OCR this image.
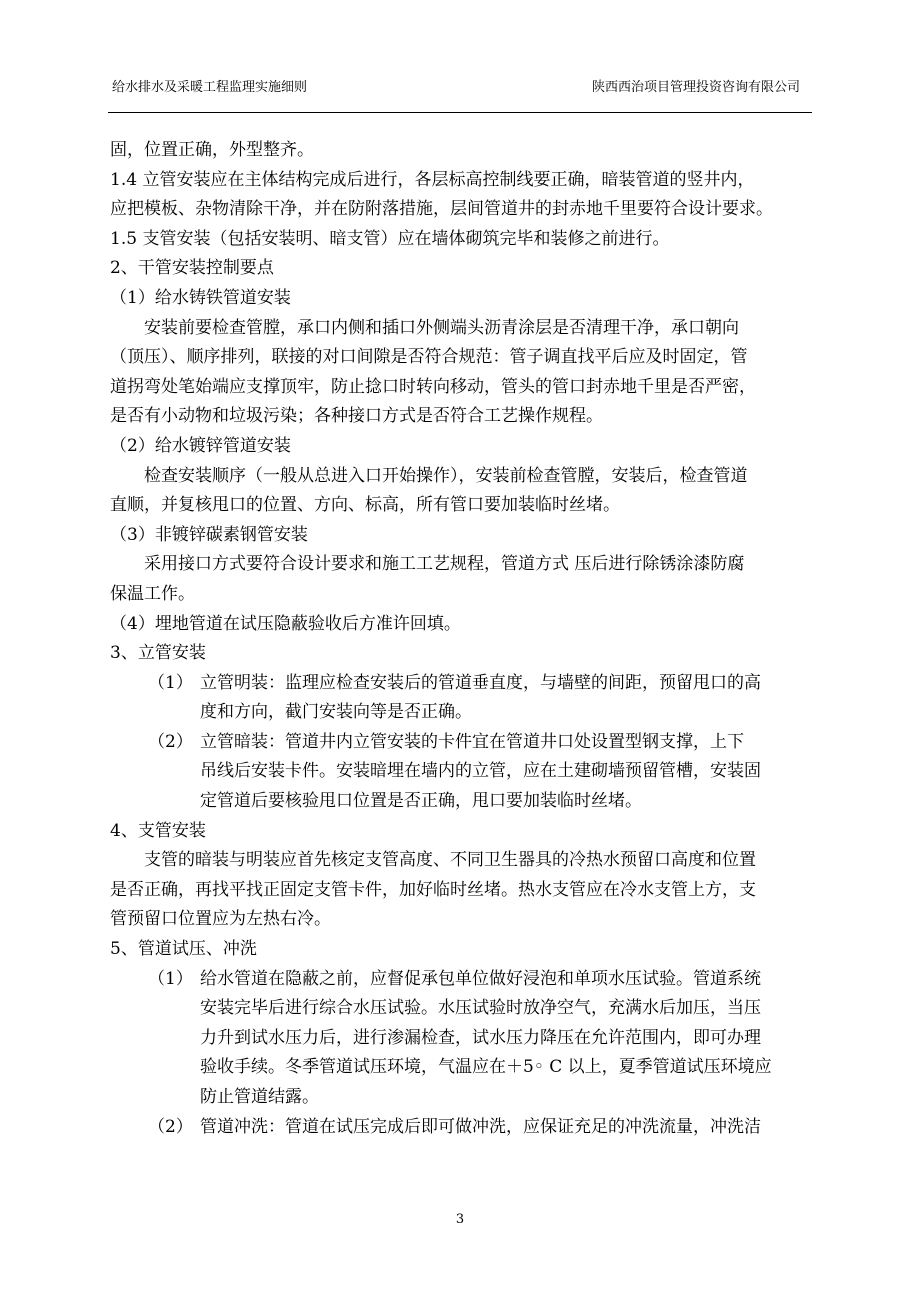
给水排水及采暖工程监理实施细则	陕西西治项目管理投资咨询有限公司
固，位置正确，外型整齐。
1.4 立管安装应在主体结构完成后进行，各层标高控制线要正确，暗装管道的竖井内，
应把模板、杂物清除干净，并在防附落措施，层间管道井的封赤地千里要符合设计要求。
1.5 支管安装（包括安装明、暗支管）应在墙体砌筑完毕和装修之前进行。
2、干管安装控制要点
（1）给水铸铁管道安装
安装前要检查管膛，承口内侧和插口外侧端头沥青涂层是否清理干净，承口朝向
（顶压）、顺序排列，联接的对口间隙是否符合规范：管子调直找平后应及时固定，管
道拐弯处笔始端应支撑顶牢，防止捻口时转向移动，管头的管口封赤地千里是否严密，
是否有小动物和垃圾污染；各种接口方式是否符合工艺操作规程。
（2）给水镀锌管道安装
检查安装顺序（一般从总进入口开始操作），安装前检查管膛，安装后，检查管道
直顺，并复核甩口的位置、方向、标高，所有管口要加装临时丝堵。
（3）非镀锌碳素钢管安装
采用接口方式要符合设计要求和施工工艺规程，管道方式 压后进行除锈涂漆防腐
保温工作。
（4）埋地管道在试压隐蔽验收后方准许回填。
3、立管安装
（1） 立管明装：监理应检查安装后的管道垂直度，与墙壁的间距，预留甩口的高
度和方向，截门安装向等是否正确。
（2） 立管暗装：管道井内立管安装的卡件宜在管道井口处设置型钢支撑，上下
吊线后安装卡件。安装暗埋在墙内的立管，应在土建砌墙预留管槽，安装固
定管道后要核验甩口位置是否正确，甩口要加装临时丝堵。
4、支管安装
支管的暗装与明装应首先核定支管高度、不同卫生器具的冷热水预留口高度和位置
是否正确，再找平找正固定支管卡件，加好临时丝堵。热水支管应在冷水支管上方，支
管预留口位置应为左热右冷。
5、管道试压、冲洗
（1） 给水管道在隐蔽之前，应督促承包单位做好浸泡和单项水压试验。管道系统
安装完毕后进行综合水压试验。水压试验时放净空气，充满水后加压，当压
力升到试水压力后，进行渗漏检查，试水压力降压在允许范围内，即可办理
验收手续。冬季管道试压环境，气温应在＋5◦ C 以上，夏季管道试压环境应
防止管道结露。
（2） 管道冲洗：管道在试压完成后即可做冲洗，应保证充足的冲洗流量，冲洗洁
3
